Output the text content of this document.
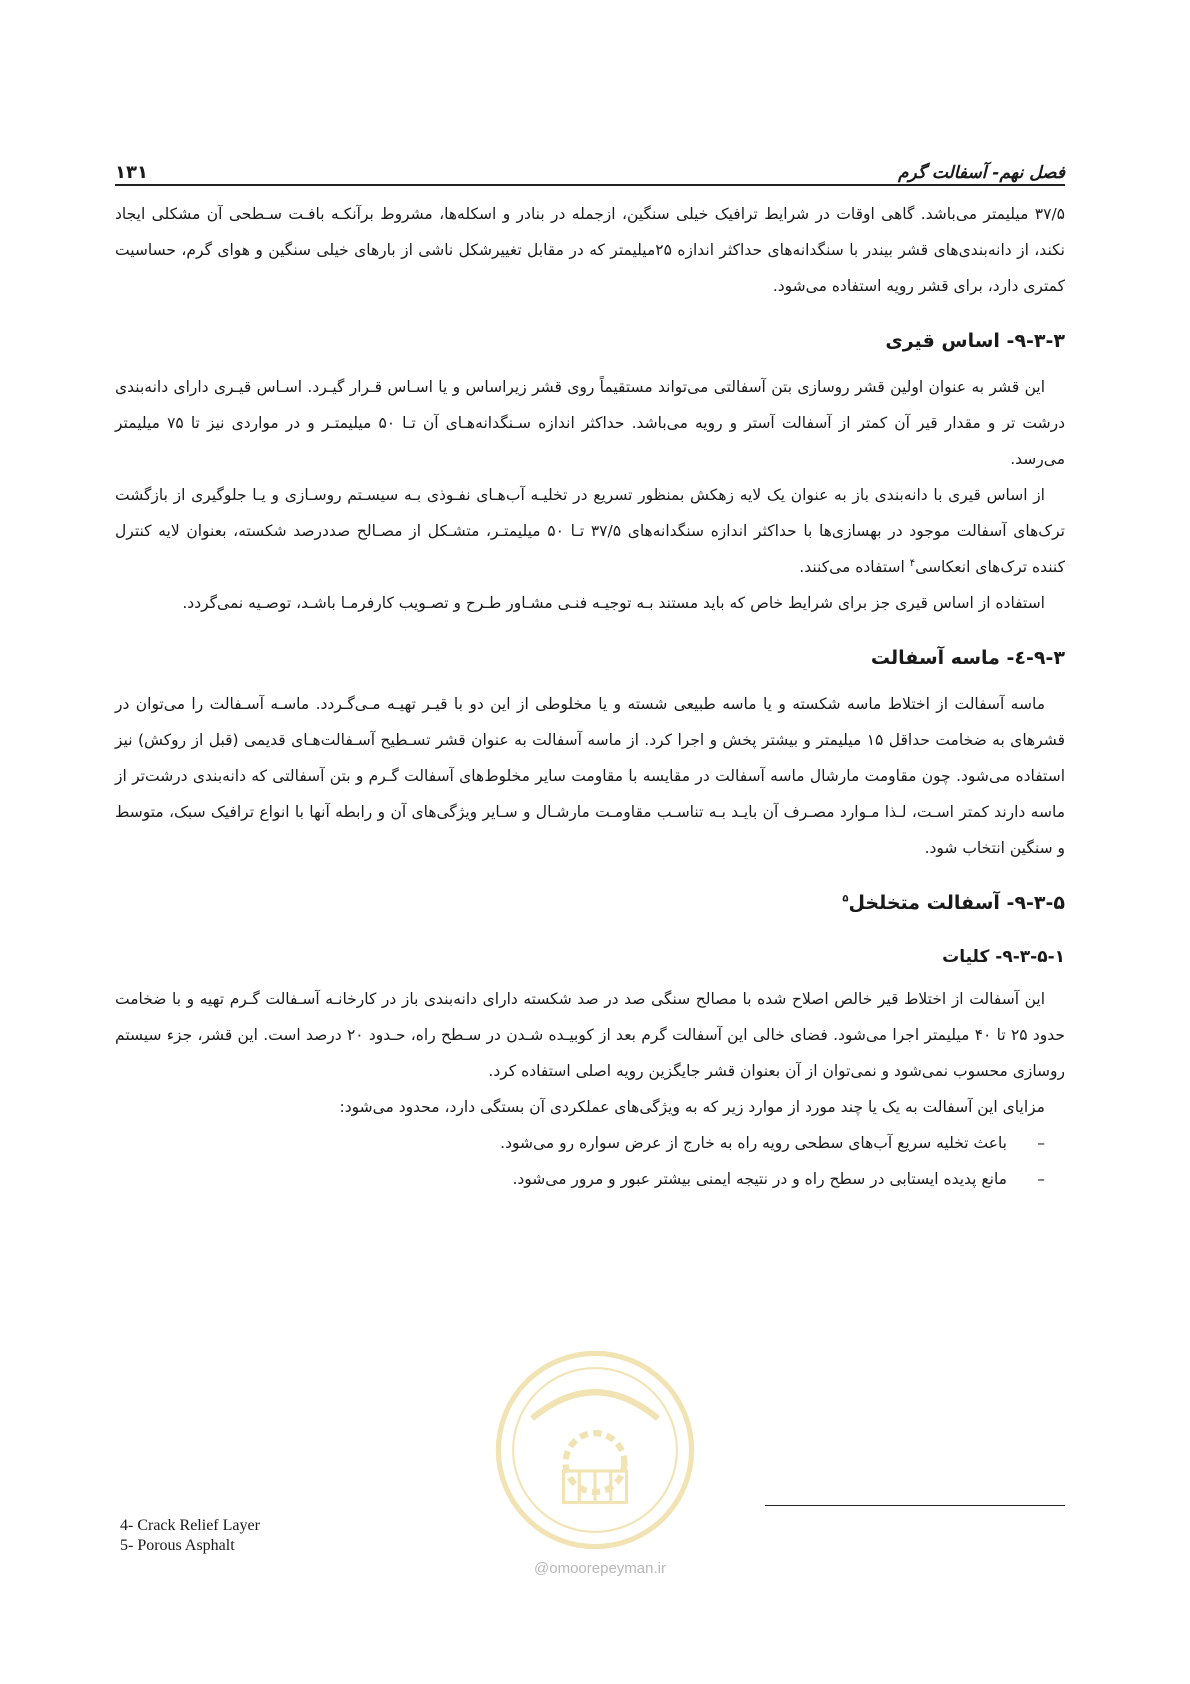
فصل نهم- آسفالت گرم
۱۳۱

۳۷/۵ میلیمتر می‌باشد. گاهی اوقات در شرایط ترافیک خیلی سنگین، ازجمله در بنادر و اسکله‌ها، مشروط برآنکـه بافـت سـطحی آن مشکلی ایجاد نکند، از دانه‌بندی‌های قشر بیندر با سنگدانه‌های حداکثر اندازه ۲۵میلیمتر که در مقابل تغییرشکل ناشی از بارهای خیلی سنگین و هوای گرم، حساسیت کمتری دارد، برای قشر رویه استفاده می‌شود.

۹-۳-۳- اساس قیری

این قشر به عنوان اولین قشر روسازی بتن آسفالتی می‌تواند مستقیماً روی قشر زیراساس و یا اسـاس قـرار گیـرد. اسـاس قیـری دارای دانه‌بندی درشت تر و مقدار قیر آن کمتر از آسفالت آستر و رویه می‌باشد. حداکثر اندازه سـنگدانه‌هـای آن تـا ۵۰ میلیمتـر و در مواردی نیز تا ۷۵ میلیمتر می‌رسد.

از اساس قیری با دانه‌بندی باز به عنوان یک لایه زهکش بمنظور تسریع در تخلیـه آب‌هـای نفـوذی بـه سیسـتم روسـازی و یـا جلوگیری از بازگشت ترک‌های آسفالت موجود در بهسازی‌ها با حداکثر اندازه سنگدانه‌های ۳۷/۵ تـا ۵۰ میلیمتـر، متشـکل از مصـالح صددرصد شکسته، بعنوان لایه کنترل کننده ترک‌های انعکاسی$^۴$ استفاده می‌کنند.

استفاده از اساس قیری جز برای شرایط خاص که باید مستند بـه توجیـه فنـی مشـاور طـرح و تصـویب کارفرمـا باشـد، توصـیه نمی‌گردد.

۹-۳-٤- ماسه آسفالت

ماسه آسفالت از اختلاط ماسه شکسته و یا ماسه طبیعی شسته و یا مخلوطی از این دو با قیـر تهیـه مـی‌گـردد. ماسـه آسـفالت را می‌توان در قشرهای به ضخامت حداقل ۱۵ میلیمتر و بیشتر پخش و اجرا کرد. از ماسه آسفالت به عنوان قشر تسـطیح آسـفالت‌هـای قدیمی (قبل از روکش) نیز استفاده می‌شود. چون مقاومت مارشال ماسه آسفالت در مقایسه با مقاومت سایر مخلوط‌های آسفالت گـرم و بتن آسفالتی که دانه‌بندی درشت‌تر از ماسه دارند کمتر اسـت، لـذا مـوارد مصـرف آن بایـد بـه تناسـب مقاومـت مارشـال و سـایر ویژگی‌های آن و رابطه آنها با انواع ترافیک سبک، متوسط و سنگین انتخاب شود.

۹-۳-۵- آسفالت متخلخل$^۵$
۹-۳-۵-۱- کلیات

این آسفالت از اختلاط قیر خالص اصلاح شده با مصالح سنگی صد در صد شکسته دارای دانه‌بندی باز در کارخانـه آسـفالت گـرم تهیه و با ضخامت حدود ۲۵ تا ۴۰ میلیمتر اجرا می‌شود. فضای خالی این آسفالت گرم بعد از کوبیـده شـدن در سـطح راه، حـدود ۲۰ درصد است. این قشر، جزء سیستم روسازی محسوب نمی‌شود و نمی‌توان از آن بعنوان قشر جایگزین رویه اصلی استفاده کرد.

مزایای این آسفالت به یک یا چند مورد از موارد زیر که به ویژگی‌های عملکردی آن بستگی دارد، محدود می‌شود:

–
باعث تخلیه سریع آب‌های سطحی رویه راه به خارج از عرض سواره رو می‌شود.
–
مانع پدیده ایستابی در سطح راه و در نتیجه ایمنی بیشتر عبور و مرور می‌شود.
4- Crack Relief Layer
5- Porous Asphalt
@omoorepeyman.ir
